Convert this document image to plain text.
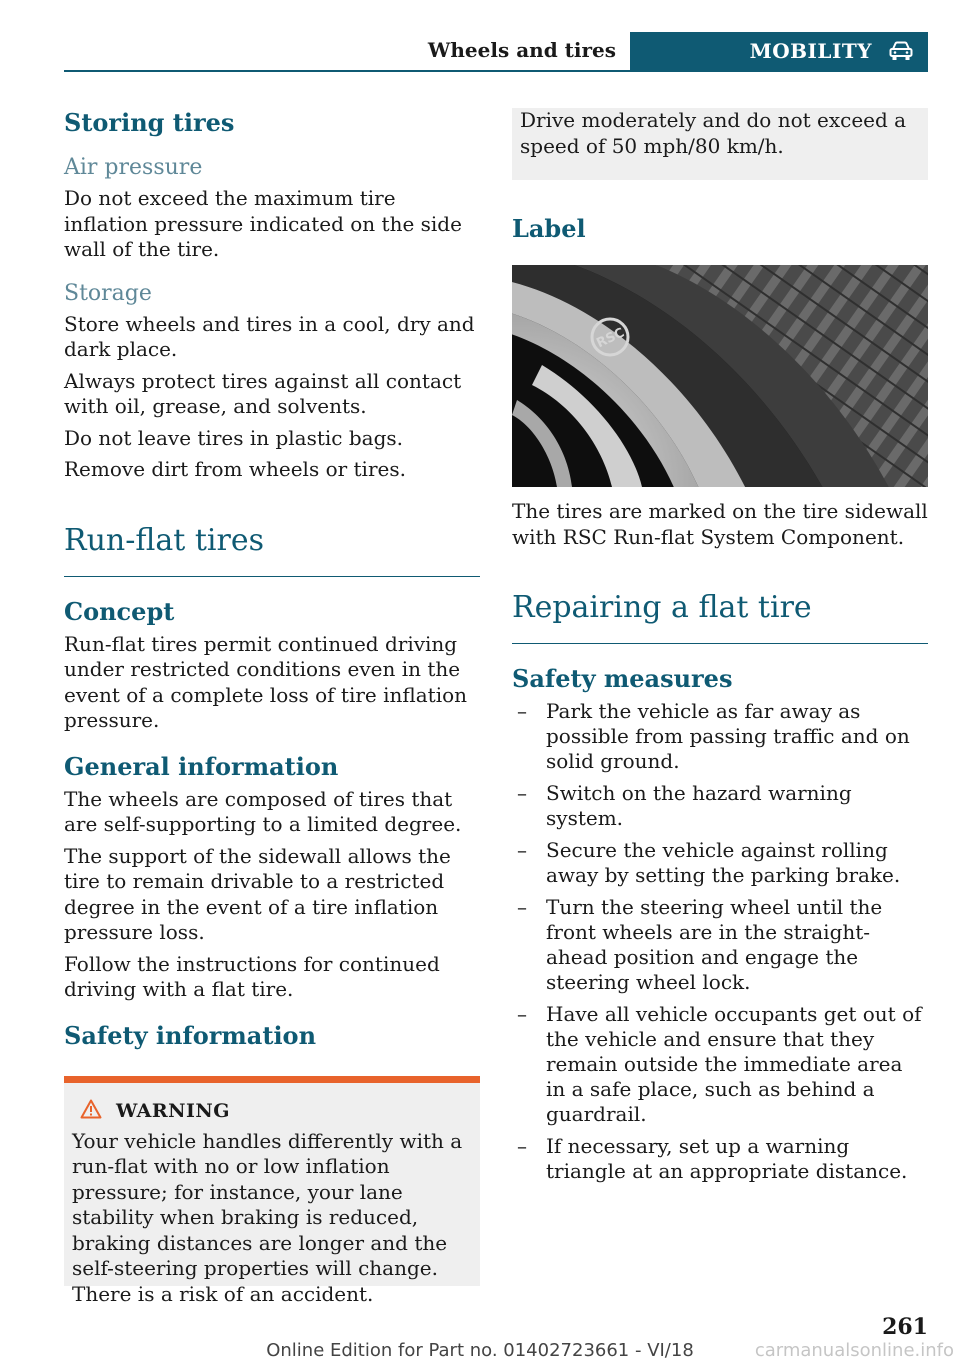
Wheels and tires	MOBILITY
Storing tires
Air pressure

Do not exceed the maximum tire inflation pressure indicated on the side wall of the tire.

Storage

Store wheels and tires in a cool, dry and dark place.

Always protect tires against all contact with oil, grease, and solvents.

Do not leave tires in plastic bags.

Remove dirt from wheels or tires.

Run-flat tires
Concept

Run-flat tires permit continued driving under restricted conditions even in the event of a complete loss of tire inflation pressure.

General information

The wheels are composed of tires that are self-supporting to a limited degree.

The support of the sidewall allows the tire to remain drivable to a restricted degree in the event of a tire inflation pressure loss.

Follow the instructions for continued driving with a flat tire.

Safety information
WARNING

Your vehicle handles differently with a run-flat with no or low inflation pressure; for instance, your lane stability when braking is reduced, braking distances are longer and the self-steering properties will change. There is a risk of an accident.

Drive moderately and do not exceed a speed of 50 mph/80 km/h.

Label
RSC

The tires are marked on the tire sidewall with RSC Run-flat System Component.

Repairing a flat tire
Safety measures
– Park the vehicle as far away as possible from passing traffic and on solid ground.
– Switch on the hazard warning system.
– Secure the vehicle against rolling away by setting the parking brake.
– Turn the steering wheel until the front wheels are in the straight-ahead position and engage the steering wheel lock.
– Have all vehicle occupants get out of the vehicle and ensure that they remain outside the immediate area in a safe place, such as behind a guardrail.
– If necessary, set up a warning triangle at an appropriate distance.
261
Online Edition for Part no. 01402723661 - VI/18	carmanualsonline.info
